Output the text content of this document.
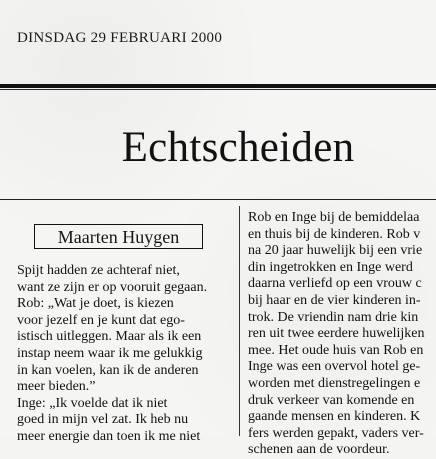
DINSDAG 29 FEBRUARI 2000
Echtscheiden
Maarten Huygen
Spijt hadden ze achteraf niet,
want ze zijn er op vooruit gegaan.
Rob: „Wat je doet, is kiezen
voor jezelf en je kunt dat ego-
istisch uitleggen. Maar als ik een
instap neem waar ik me gelukkig
in kan voelen, kan ik de anderen
meer bieden.”
Inge: „Ik voelde dat ik niet
goed in mijn vel zat. Ik heb nu
meer energie dan toen ik me niet
Rob en Inge bij de bemiddelaa
en thuis bij de kinderen. Rob v
na 20 jaar huwelijk bij een vrie
din ingetrokken en Inge werd
daarna verliefd op een vrouw c
bij haar en de vier kinderen in-
trok. De vriendin nam drie kin
ren uit twee eerdere huwelijken
mee. Het oude huis van Rob en
Inge was een overvol hotel ge-
worden met dienstregelingen e
druk verkeer van komende en
gaande mensen en kinderen. K
fers werden gepakt, vaders ver-
schenen aan de voordeur.
